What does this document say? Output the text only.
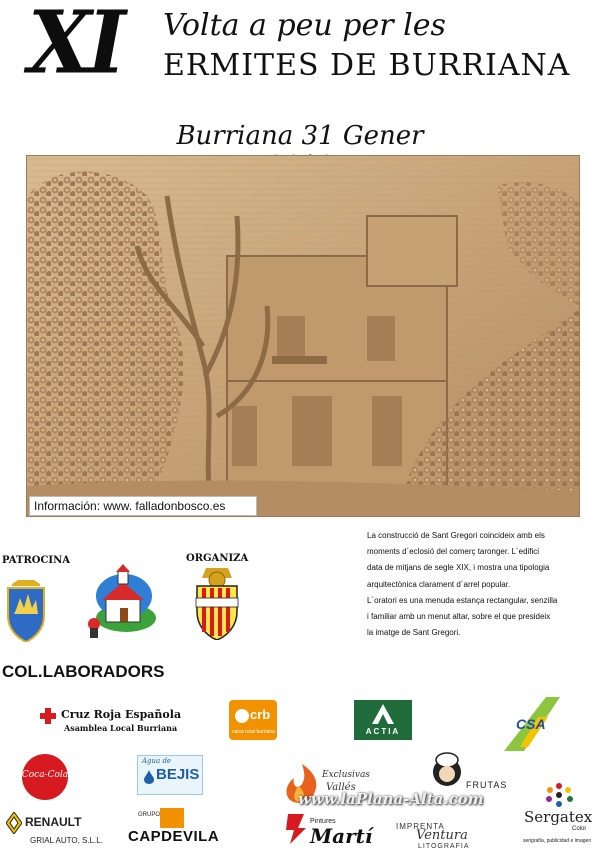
XI Volta a peu per les
ERMITES DE BURRIANA
Burriana 31 Gener
Información: www. falladonbosco.es

La construcció de Sant Gregori coincideix amb els

moments d´eclosió del comerç taronger. L´edifici

data de mitjans de segle XIX, i mostra una tipologia

arquitectònica clarament d´arrel popular.

L´oratori es una menuda estança rectangular, senzilla

i familiar amb un menut altar, sobre el que presideix

la imatge de Sant Gregori.

PATROCINA	ORGANIZA
COL.LABORADORS
Cruz Roja Española
Asamblea Local Burriana
crb
caixa rural burriana	ACTIA	CSA
Coca-Cola
Agua de
BEJIS	Exclusivas
Vallés	FRUTAS
RENAULT
GRIAL AUTO, S.L.L.
GRUPO
CAPDEVILA
Pintures
Martí	IMPRENTA
Ventura
LITOGRAFIA
Sergatex
Color
serigrafía, publicidad e imagen
www.laPlana-Alta.com
